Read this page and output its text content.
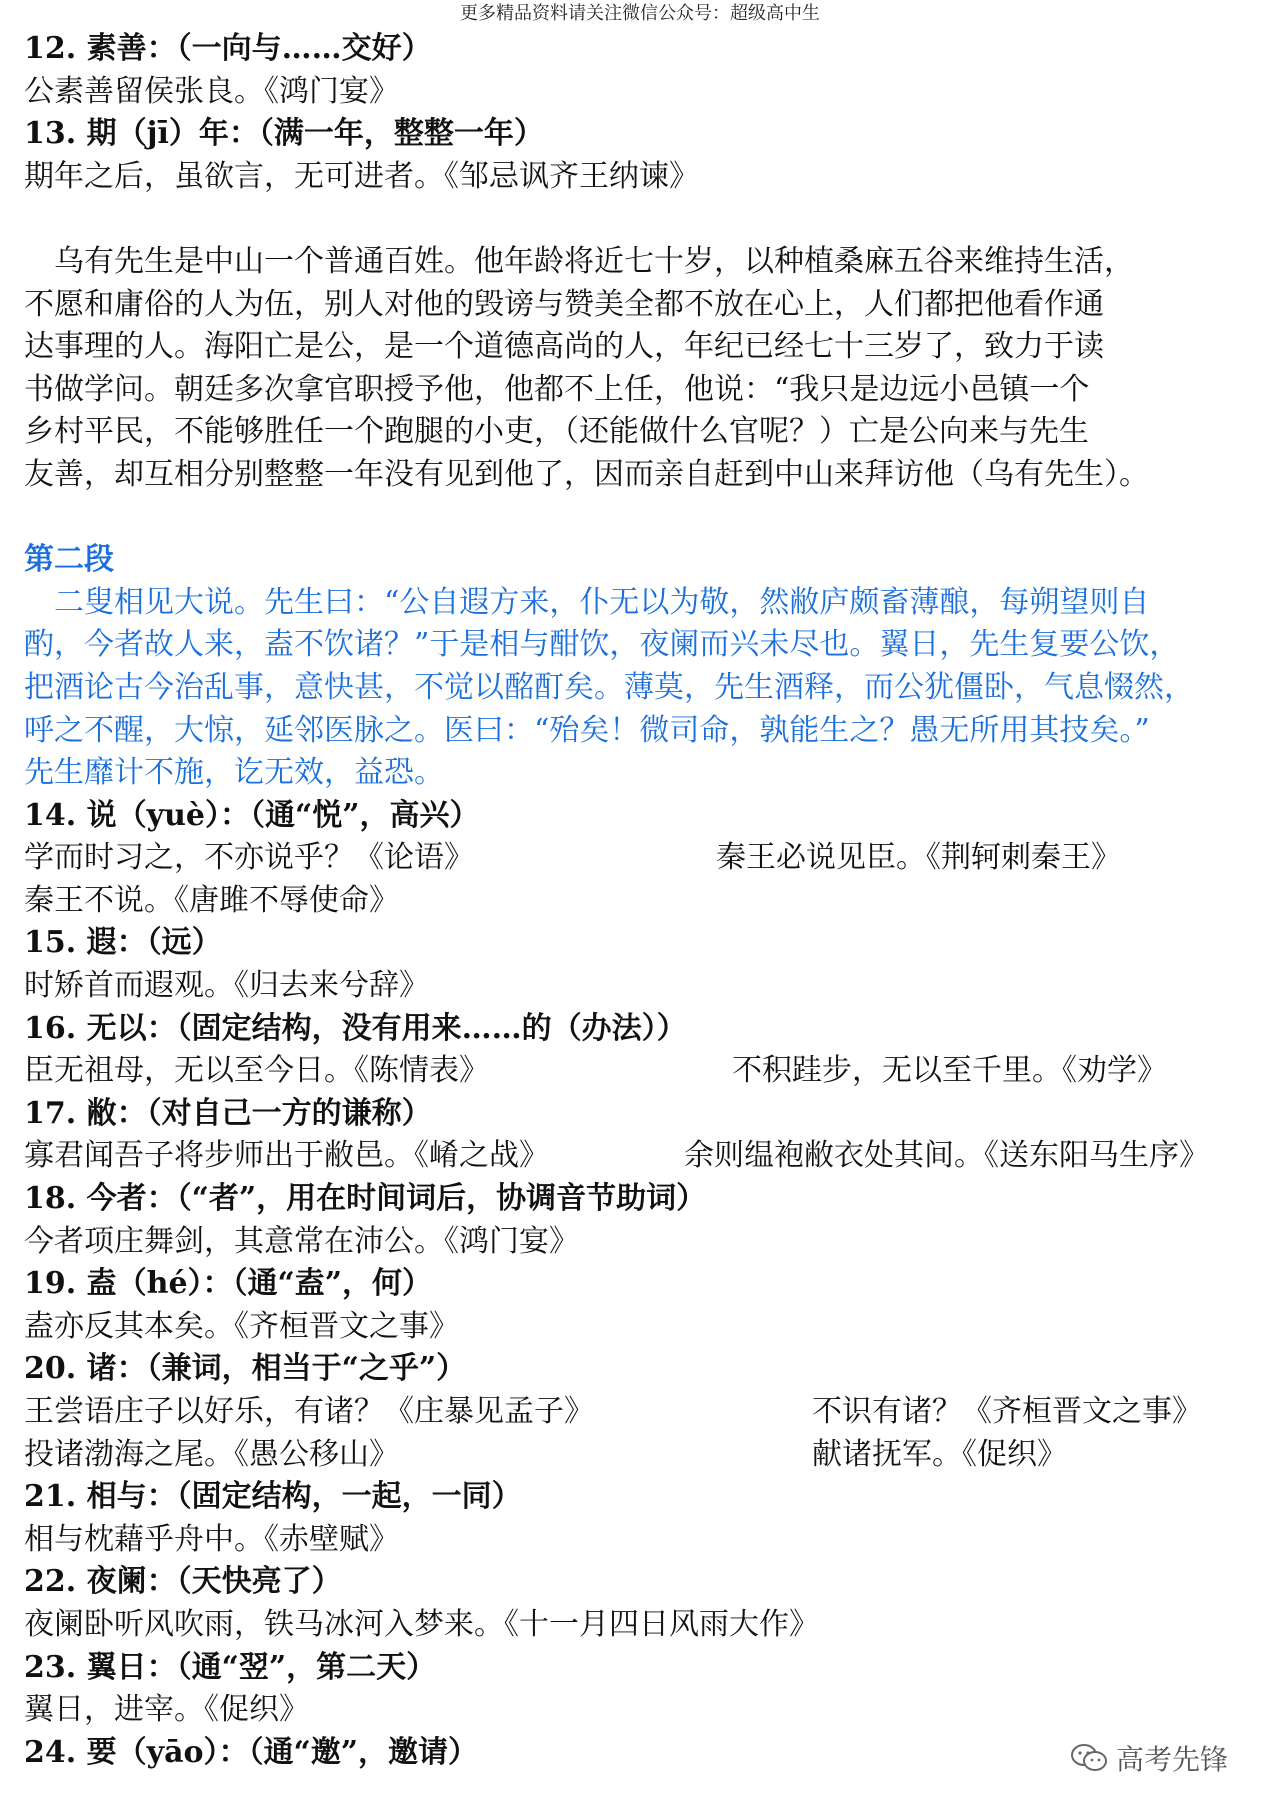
更多精品资料请关注微信公众号：超级高中生
12. 素善：（一向与……交好）
公素善留侯张良。《鸿门宴》
13. 期（jī）年：（满一年，整整一年）
期年之后，虽欲言，无可进者。《邹忌讽齐王纳谏》
　乌有先生是中山一个普通百姓。他年龄将近七十岁，以种植桑麻五谷来维持生活，
不愿和庸俗的人为伍，别人对他的毁谤与赞美全都不放在心上，人们都把他看作通
达事理的人。海阳亡是公，是一个道德高尚的人，年纪已经七十三岁了，致力于读
书做学问。朝廷多次拿官职授予他，他都不上任，他说：“我只是边远小邑镇一个
乡村平民，不能够胜任一个跑腿的小吏，（还能做什么官呢？）亡是公向来与先生
友善，却互相分别整整一年没有见到他了，因而亲自赶到中山来拜访他（乌有先生）。
第二段
　二叟相见大说。先生曰：“公自遐方来，仆无以为敬，然敝庐颇畜薄酿，每朔望则自
酌，今者故人来，盍不饮诸？”于是相与酣饮，夜阑而兴未尽也。翼日，先生复要公饮，
把酒论古今治乱事，意快甚，不觉以酩酊矣。薄莫，先生酒释，而公犹僵卧，气息惙然，
呼之不醒，大惊，延邻医脉之。医曰：“殆矣！微司命，孰能生之？愚无所用其技矣。”
先生靡计不施，讫无效，益恐。
14. 说（yuè）：（通“悦”，高兴）
学而时习之，不亦说乎？《论语》	秦王必说见臣。《荆轲刺秦王》
秦王不说。《唐雎不辱使命》
15. 遐：（远）
时矫首而遐观。《归去来兮辞》
16. 无以：（固定结构，没有用来……的（办法））
臣无祖母，无以至今日。《陈情表》	不积跬步，无以至千里。《劝学》
17. 敝：（对自己一方的谦称）
寡君闻吾子将步师出于敝邑。《崤之战》	余则缊袍敝衣处其间。《送东阳马生序》
18. 今者：（“者”，用在时间词后，协调音节助词）
今者项庄舞剑，其意常在沛公。《鸿门宴》
19. 盍（hé）：（通“盍”，何）
盍亦反其本矣。《齐桓晋文之事》
20. 诸：（兼词，相当于“之乎”）
王尝语庄子以好乐，有诸？《庄暴见孟子》	不识有诸？《齐桓晋文之事》
投诸渤海之尾。《愚公移山》	献诸抚军。《促织》
21. 相与：（固定结构，一起，一同）
相与枕藉乎舟中。《赤壁赋》
22. 夜阑：（天快亮了）
夜阑卧听风吹雨，铁马冰河入梦来。《十一月四日风雨大作》
23. 翼日：（通“翌”，第二天）
翼日，进宰。《促织》
24. 要（yāo）：（通“邀”，邀请）	高考先锋
